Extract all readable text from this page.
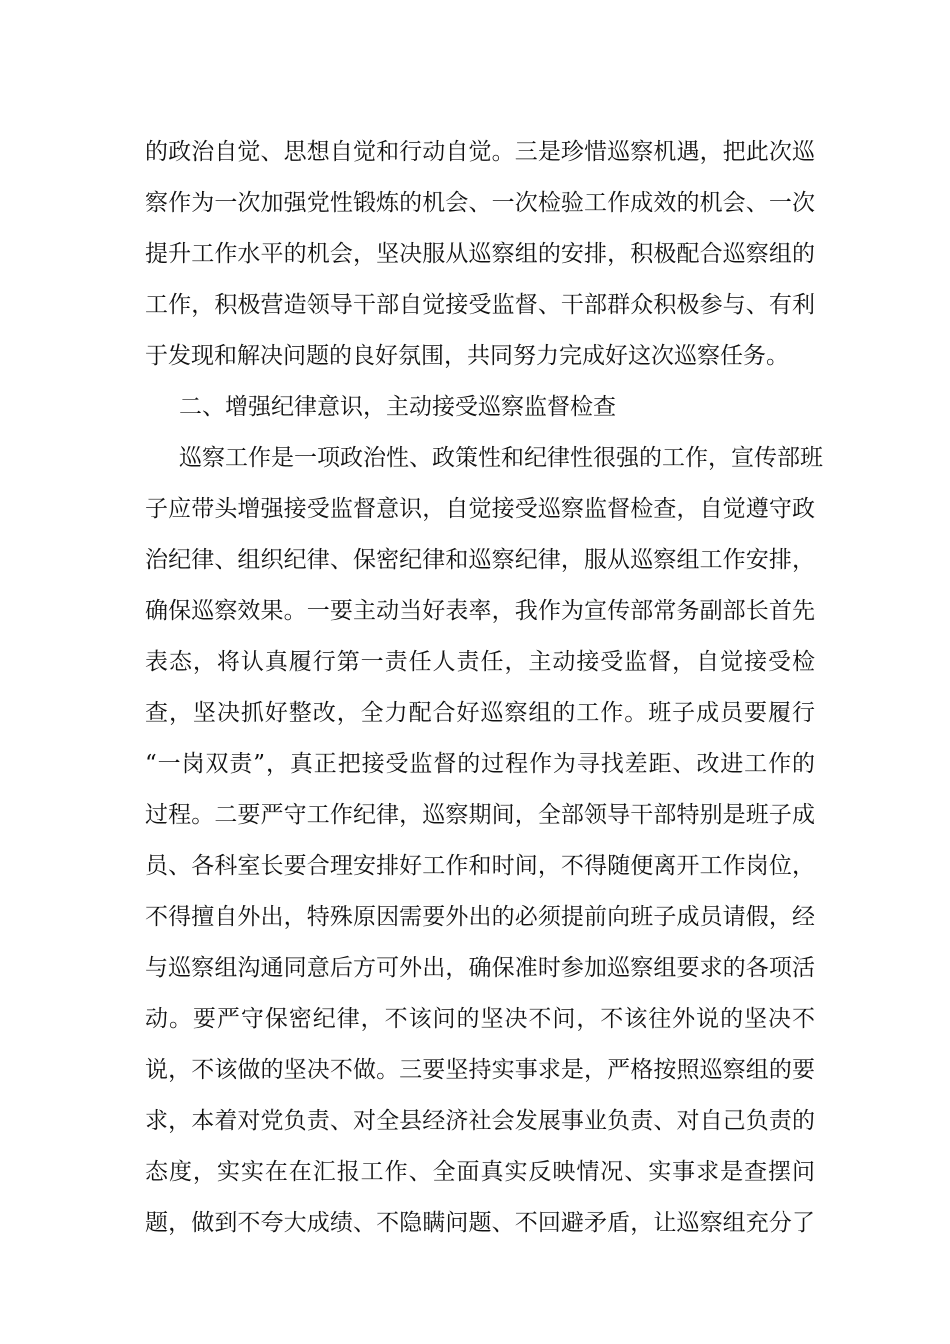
的政治自觉、思想自觉和行动自觉。三是珍惜巡察机遇，把此次巡
察作为一次加强党性锻炼的机会、一次检验工作成效的机会、一次
提升工作水平的机会，坚决服从巡察组的安排，积极配合巡察组的
工作，积极营造领导干部自觉接受监督、干部群众积极参与、有利
于发现和解决问题的良好氛围，共同努力完成好这次巡察任务。
二、增强纪律意识，主动接受巡察监督检查
巡察工作是一项政治性、政策性和纪律性很强的工作，宣传部班
子应带头增强接受监督意识，自觉接受巡察监督检查，自觉遵守政
治纪律、组织纪律、保密纪律和巡察纪律，服从巡察组工作安排，
确保巡察效果。一要主动当好表率，我作为宣传部常务副部长首先
表态，将认真履行第一责任人责任，主动接受监督，自觉接受检
查，坚决抓好整改，全力配合好巡察组的工作。班子成员要履行
“一岗双责”，真正把接受监督的过程作为寻找差距、改进工作的
过程。二要严守工作纪律，巡察期间，全部领导干部特别是班子成
员、各科室长要合理安排好工作和时间，不得随便离开工作岗位，
不得擅自外出，特殊原因需要外出的必须提前向班子成员请假，经
与巡察组沟通同意后方可外出，确保准时参加巡察组要求的各项活
动。要严守保密纪律，不该问的坚决不问，不该往外说的坚决不
说，不该做的坚决不做。三要坚持实事求是，严格按照巡察组的要
求，本着对党负责、对全县经济社会发展事业负责、对自己负责的
态度，实实在在汇报工作、全面真实反映情况、实事求是查摆问
题，做到不夸大成绩、不隐瞒问题、不回避矛盾，让巡察组充分了
